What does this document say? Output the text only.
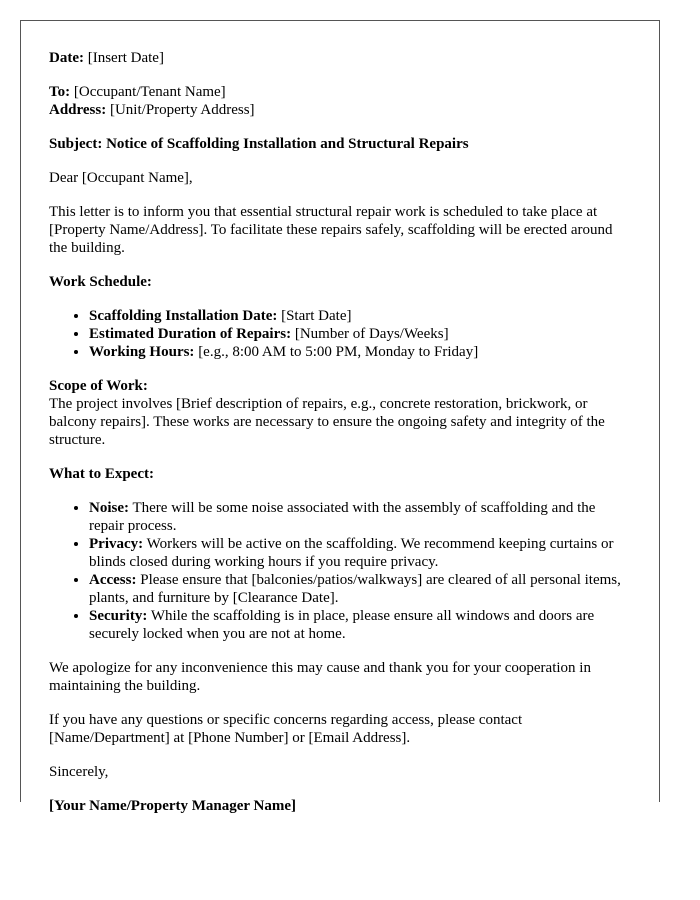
Date: [Insert Date]

To: [Occupant/Tenant Name]
Address: [Unit/Property Address]

Subject: Notice of Scaffolding Installation and Structural Repairs

Dear [Occupant Name],

This letter is to inform you that essential structural repair work is scheduled to take place at [Property Name/Address]. To facilitate these repairs safely, scaffolding will be erected around the building.

Work Schedule:

• Scaffolding Installation Date: [Start Date]
• Estimated Duration of Repairs: [Number of Days/Weeks]
• Working Hours: [e.g., 8:00 AM to 5:00 PM, Monday to Friday]

Scope of Work:
The project involves [Brief description of repairs, e.g., concrete restoration, brickwork, or balcony repairs]. These works are necessary to ensure the ongoing safety and integrity of the structure.

What to Expect:

• Noise: There will be some noise associated with the assembly of scaffolding and the repair process.
• Privacy: Workers will be active on the scaffolding. We recommend keeping curtains or blinds closed during working hours if you require privacy.
• Access: Please ensure that [balconies/patios/walkways] are cleared of all personal items, plants, and furniture by [Clearance Date].
• Security: While the scaffolding is in place, please ensure all windows and doors are securely locked when you are not at home.

We apologize for any inconvenience this may cause and thank you for your cooperation in maintaining the building.

If you have any questions or specific concerns regarding access, please contact [Name/Department] at [Phone Number] or [Email Address].

Sincerely,

[Your Name/Property Manager Name]
